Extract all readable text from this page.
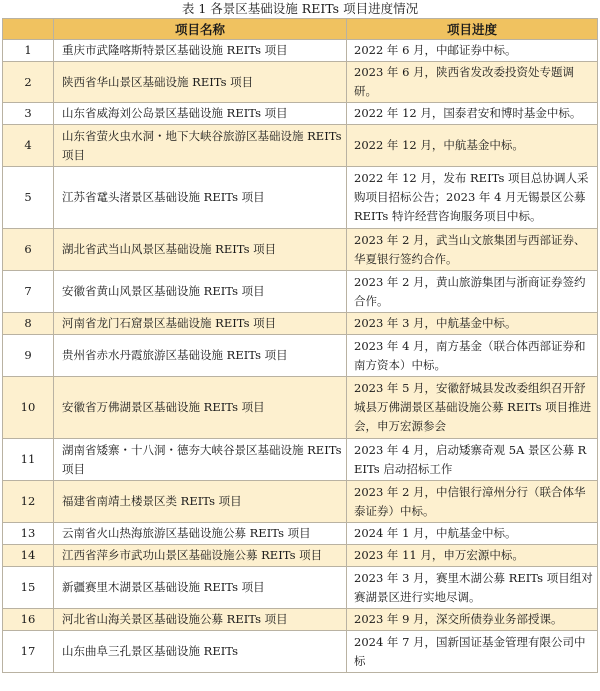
表 1 各景区基础设施 REITs 项目进度情况
	项目名称	项目进度
1	重庆市武隆喀斯特景区基础设施 REITs 项目	2022 年 6 月，中邮证券中标。
2	陕西省华山景区基础设施 REITs 项目	2023 年 6 月，陕西省发改委投资处专题调研。
3	山东省威海刘公岛景区基础设施 REITs 项目	2022 年 12 月，国泰君安和博时基金中标。
4	山东省萤火虫水洞・地下大峡谷旅游区基础设施 REITs 项目	2022 年 12 月，中航基金中标。
5	江苏省鼋头渚景区基础设施 REITs 项目	2022 年 12 月，发布 REITs 项目总协调人采购项目招标公告；2023 年 4 月无锡景区公募 REITs 特许经营咨询服务项目中标。
6	湖北省武当山风景区基础设施 REITs 项目	2023 年 2 月，武当山文旅集团与西部证券、华夏银行签约合作。
7	安徽省黄山风景区基础设施 REITs 项目	2023 年 2 月，黄山旅游集团与浙商证券签约合作。
8	河南省龙门石窟景区基础设施 REITs 项目	2023 年 3 月，中航基金中标。
9	贵州省赤水丹霞旅游区基础设施 REITs 项目	2023 年 4 月，南方基金（联合体西部证券和南方资本）中标。
10	安徽省万佛湖景区基础设施 REITs 项目	2023 年 5 月，安徽舒城县发改委组织召开舒城县万佛湖景区基础设施公募 REITs 项目推进会，申万宏源参会
11	湖南省矮寨・十八洞・德夯大峡谷景区基础设施 REITs 项目	2023 年 4 月，启动矮寨奇观 5A 景区公募 REITs 启动招标工作
12	福建省南靖土楼景区类 REITs 项目	2023 年 2 月，中信银行漳州分行（联合体华泰证券）中标。
13	云南省火山热海旅游区基础设施公募 REITs 项目	2024 年 1 月，中航基金中标。
14	江西省萍乡市武功山景区基础设施公募 REITs 项目	2023 年 11 月，申万宏源中标。
15	新疆赛里木湖景区基础设施 REITs 项目	2023 年 3 月，赛里木湖公募 REITs 项目组对赛湖景区进行实地尽调。
16	河北省山海关景区基础设施公募 REITs 项目	2023 年 9 月，深交所债券业务部授课。
17	山东曲阜三孔景区基础设施 REITs	2024 年 7 月，国新国证基金管理有限公司中标
